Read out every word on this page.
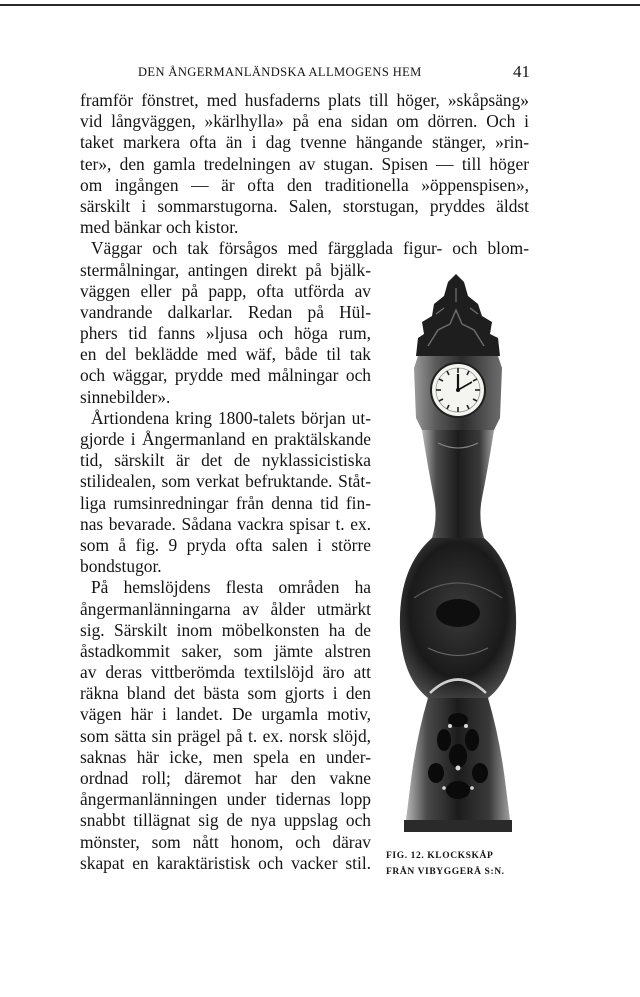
DEN ÅNGERMANLÄNDSKA ALLMOGENS HEM	41
framför fönstret, med husfaderns plats till höger, »skåpsäng»
vid långväggen, »kärlhylla» på ena sidan om dörren. Och i
taket markera ofta än i dag tvenne hängande stänger, »rin-
ter», den gamla tredelningen av stugan. Spisen — till höger
om ingången — är ofta den traditionella »öppenspisen»,
särskilt i sommarstugorna. Salen, storstugan, pryddes äldst
med bänkar och kistor.
Väggar och tak försågos med färgglada figur- och blom-
stermålningar, antingen direkt på bjälk-
väggen eller på papp, ofta utförda av
vandrande dalkarlar. Redan på Hül-
phers tid fanns »ljusa och höga rum,
en del beklädde med wäf, både til tak
och wäggar, prydde med målningar och
sinnebilder».
Årtiondena kring 1800-talets början ut-
gjorde i Ångermanland en praktälskande
tid, särskilt är det de nyklassicistiska
stilidealen, som verkat befruktande. Ståt-
liga rumsinredningar från denna tid fin-
nas bevarade. Sådana vackra spisar t. ex.
som å fig. 9 pryda ofta salen i större
bondstugor.
På hemslöjdens flesta områden ha
ångermanlänningarna av ålder utmärkt
sig. Särskilt inom möbelkonsten ha de
åstadkommit saker, som jämte alstren
av deras vittberömda textilslöjd äro att
räkna bland det bästa som gjorts i den
vägen här i landet. De urgamla motiv,
som sätta sin prägel på t. ex. norsk slöjd,
saknas här icke, men spela en under-
ordnad roll; däremot har den vakne
ångermanlänningen under tidernas lopp
snabbt tillägnat sig de nya uppslag och
mönster, som nått honom, och därav
skapat en karaktäristisk och vacker stil. FIG. 12. KLOCKSKÅP
FRÅN VIBYGGERÅ S:N.
